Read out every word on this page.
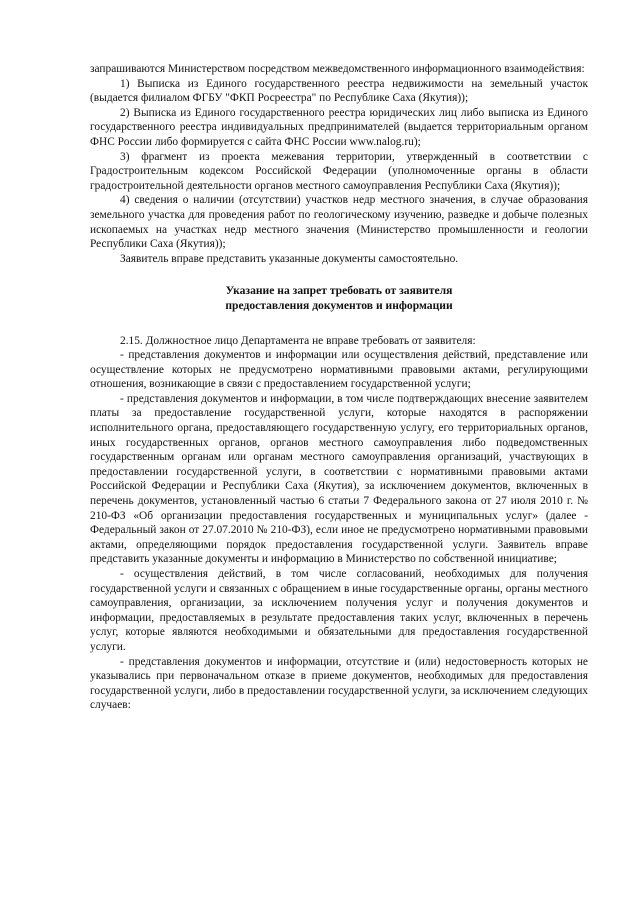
запрашиваются Министерством посредством межведомственного информационного взаимодействия:

1) Выписка из Единого государственного реестра недвижимости на земельный участок (выдается филиалом ФГБУ "ФКП Росреестра" по Республике Саха (Якутия));

2) Выписка из Единого государственного реестра юридических лиц либо выписка из Единого государственного реестра индивидуальных предпринимателей (выдается территориальным органом ФНС России либо формируется с сайта ФНС России www.nalog.ru);

3) фрагмент из проекта межевания территории, утвержденный в соответствии с Градостроительным кодексом Российской Федерации (уполномоченные органы в области градостроительной деятельности органов местного самоуправления Республики Саха (Якутия));

4) сведения о наличии (отсутствии) участков недр местного значения, в случае образования земельного участка для проведения работ по геологическому изучению, разведке и добыче полезных ископаемых на участках недр местного значения (Министерство промышленности и геологии Республики Саха (Якутия));

Заявитель вправе представить указанные документы самостоятельно.

Указание на запрет требовать от заявителя
предоставления документов и информации

2.15. Должностное лицо Департамента не вправе требовать от заявителя:

- представления документов и информации или осуществления действий, представление или осуществление которых не предусмотрено нормативными правовыми актами, регулирующими отношения, возникающие в связи с предоставлением государственной услуги;

- представления документов и информации, в том числе подтверждающих внесение заявителем платы за предоставление государственной услуги, которые находятся в распоряжении исполнительного органа, предоставляющего государственную услугу, его территориальных органов, иных государственных органов, органов местного самоуправления либо подведомственных государственным органам или органам местного самоуправления организаций, участвующих в предоставлении государственной услуги, в соответствии с нормативными правовыми актами Российской Федерации и Республики Саха (Якутия), за исключением документов, включенных в перечень документов, установленный частью 6 статьи 7 Федерального закона от 27 июля 2010 г. № 210-ФЗ «Об организации предоставления государственных и муниципальных услуг» (далее - Федеральный закон от 27.07.2010 № 210-ФЗ), если иное не предусмотрено нормативными правовыми актами, определяющими порядок предоставления государственной услуги. Заявитель вправе представить указанные документы и информацию в Министерство по собственной инициативе;

- осуществления действий, в том числе согласований, необходимых для получения государственной услуги и связанных с обращением в иные государственные органы, органы местного самоуправления, организации, за исключением получения услуг и получения документов и информации, предоставляемых в результате предоставления таких услуг, включенных в перечень услуг, которые являются необходимыми и обязательными для предоставления государственной услуги.

- представления документов и информации, отсутствие и (или) недостоверность которых не указывались при первоначальном отказе в приеме документов, необходимых для предоставления государственной услуги, либо в предоставлении государственной услуги, за исключением следующих случаев:
